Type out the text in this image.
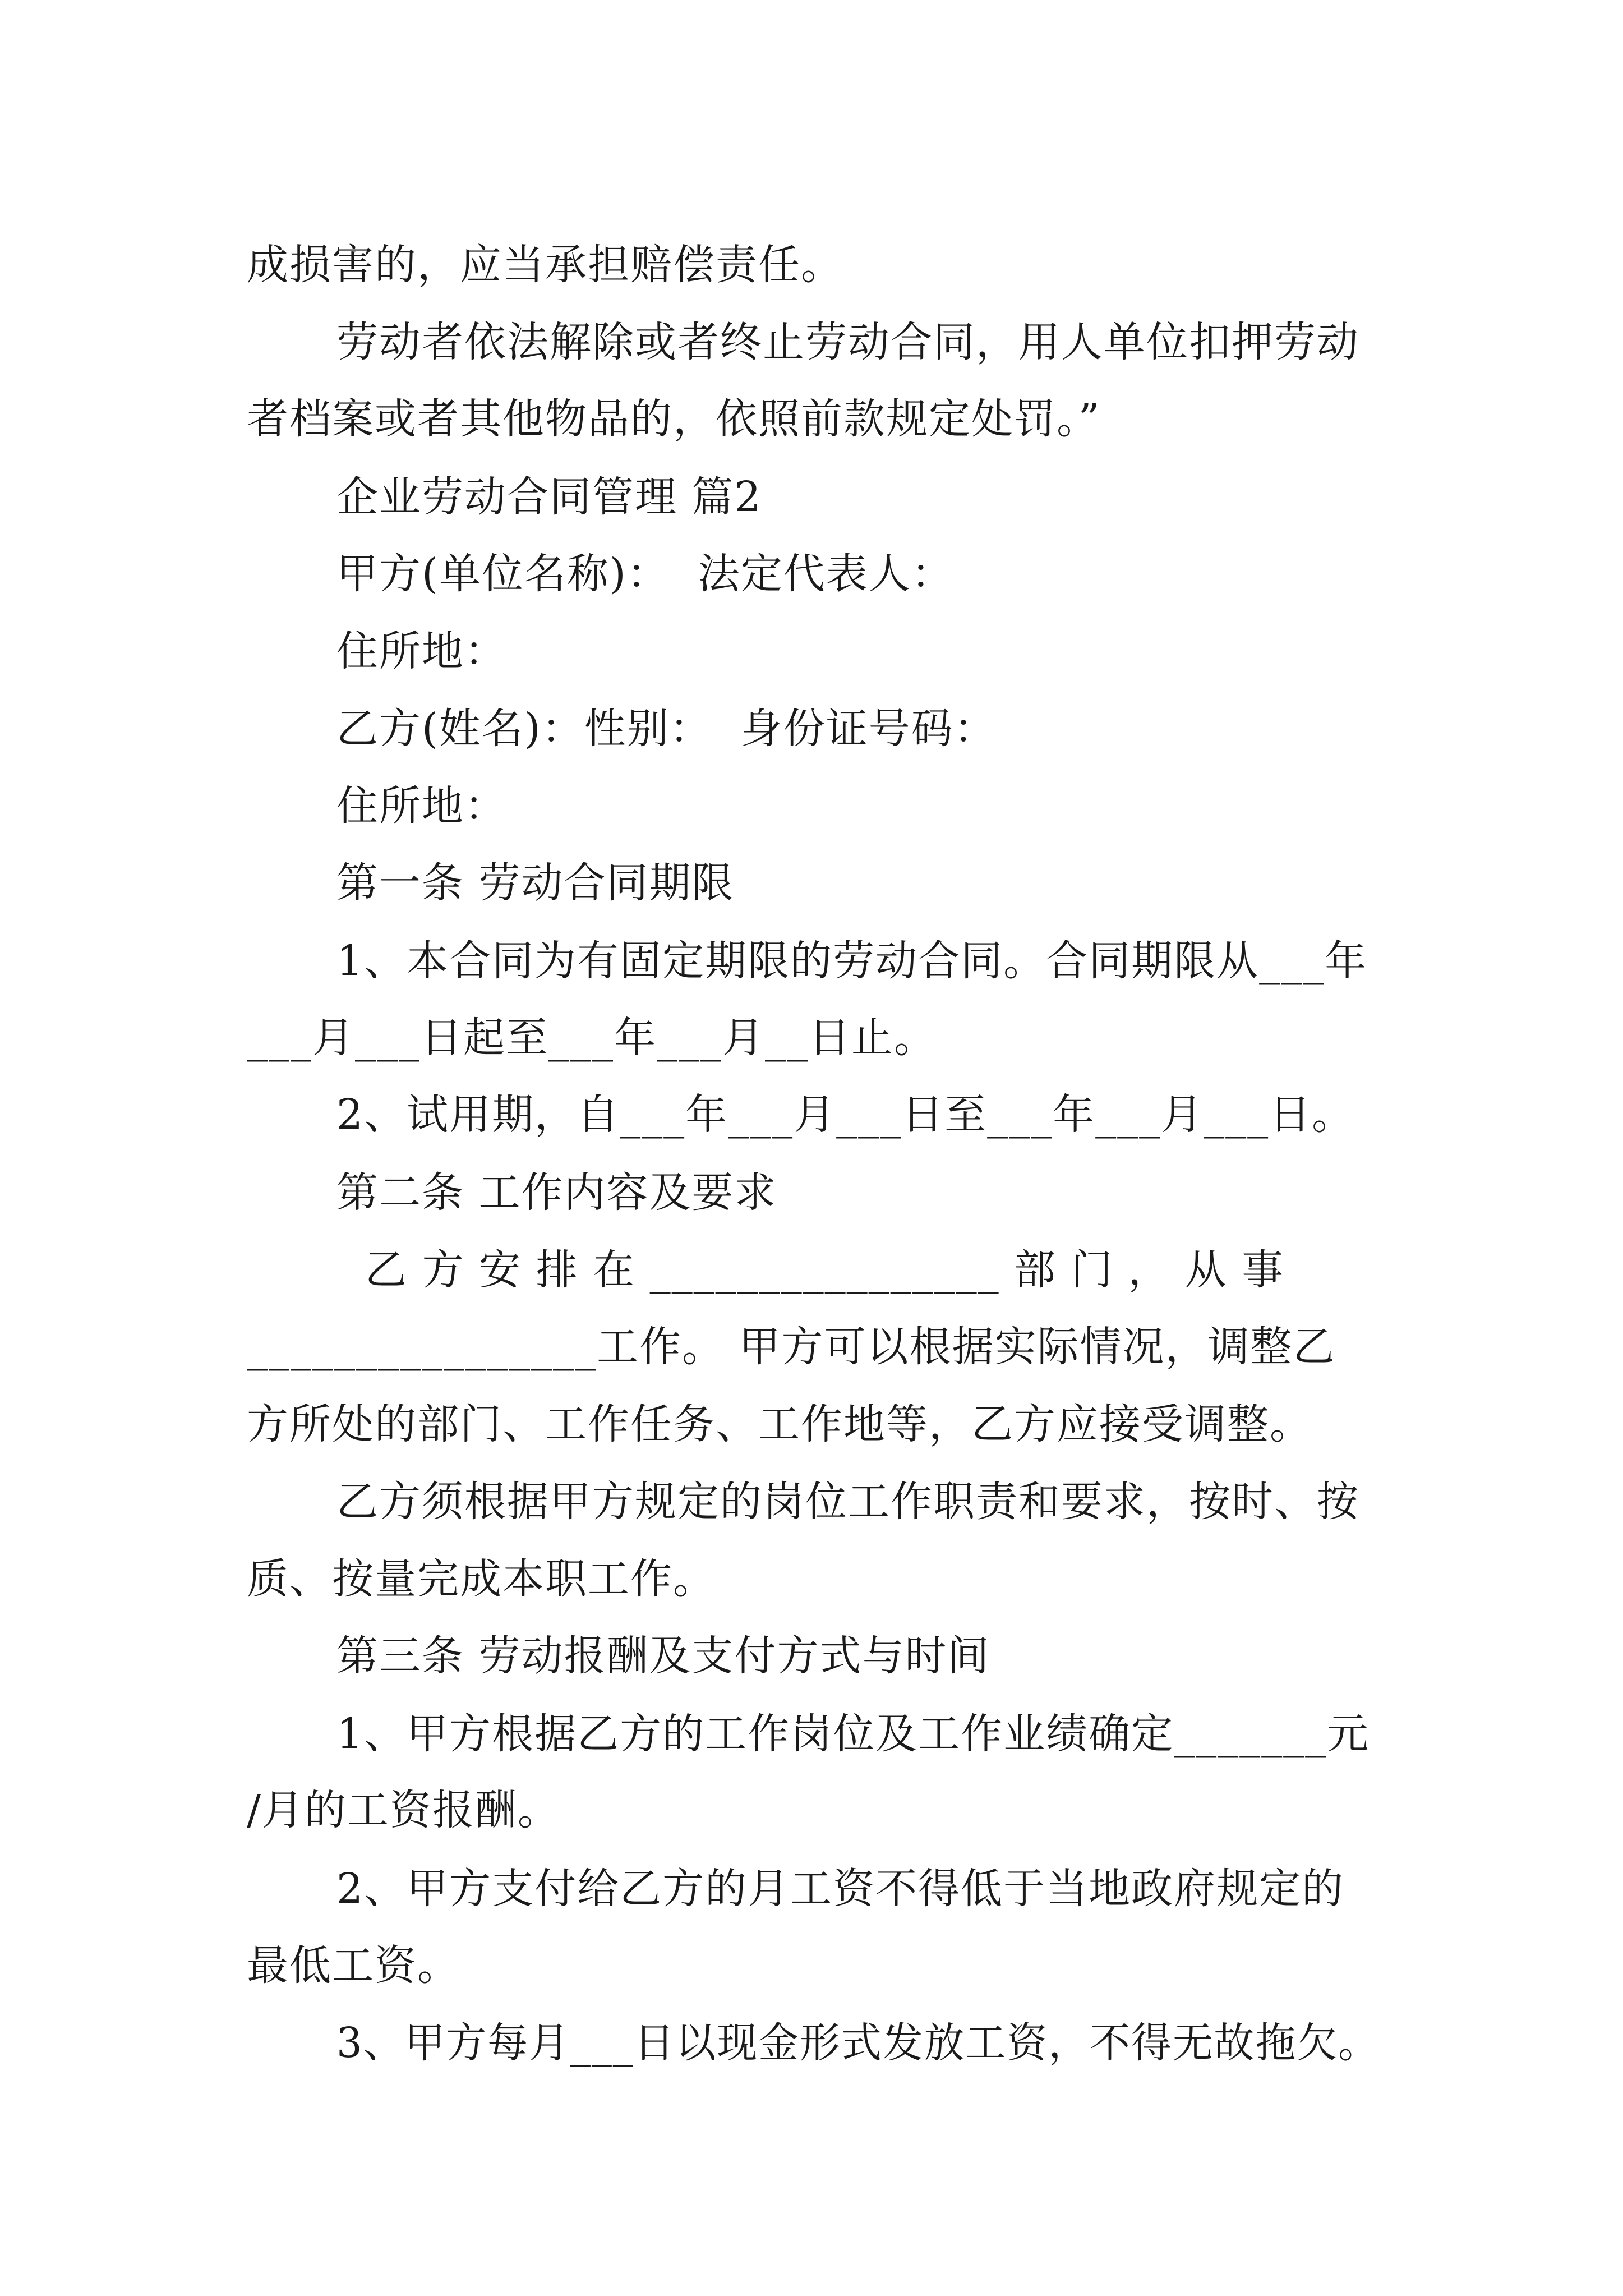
成损害的，应当承担赔偿责任。
劳动者依法解除或者终止劳动合同，用人单位扣押劳动
者档案或者其他物品的，依照前款规定处罚。”
企业劳动合同管理 篇2
甲方(单位名称)：  法定代表人：
住所地：
乙方(姓名)：性别：  身份证号码：
住所地：
第一条 劳动合同期限
1、本合同为有固定期限的劳动合同。合同期限从___年
___月___日起至___年___月__日止。
2、试用期，自___年___月___日至___年___月___日。
第二条 工作内容及要求
乙 方 安 排 在 ________________ 部 门 ， 从 事
________________工作。 甲方可以根据实际情况，调整乙
方所处的部门、工作任务、工作地等，乙方应接受调整。
乙方须根据甲方规定的岗位工作职责和要求，按时、按
质、按量完成本职工作。
第三条 劳动报酬及支付方式与时间
1、甲方根据乙方的工作岗位及工作业绩确定_______元
/月的工资报酬。
2、甲方支付给乙方的月工资不得低于当地政府规定的
最低工资。
3、甲方每月___日以现金形式发放工资，不得无故拖欠。
